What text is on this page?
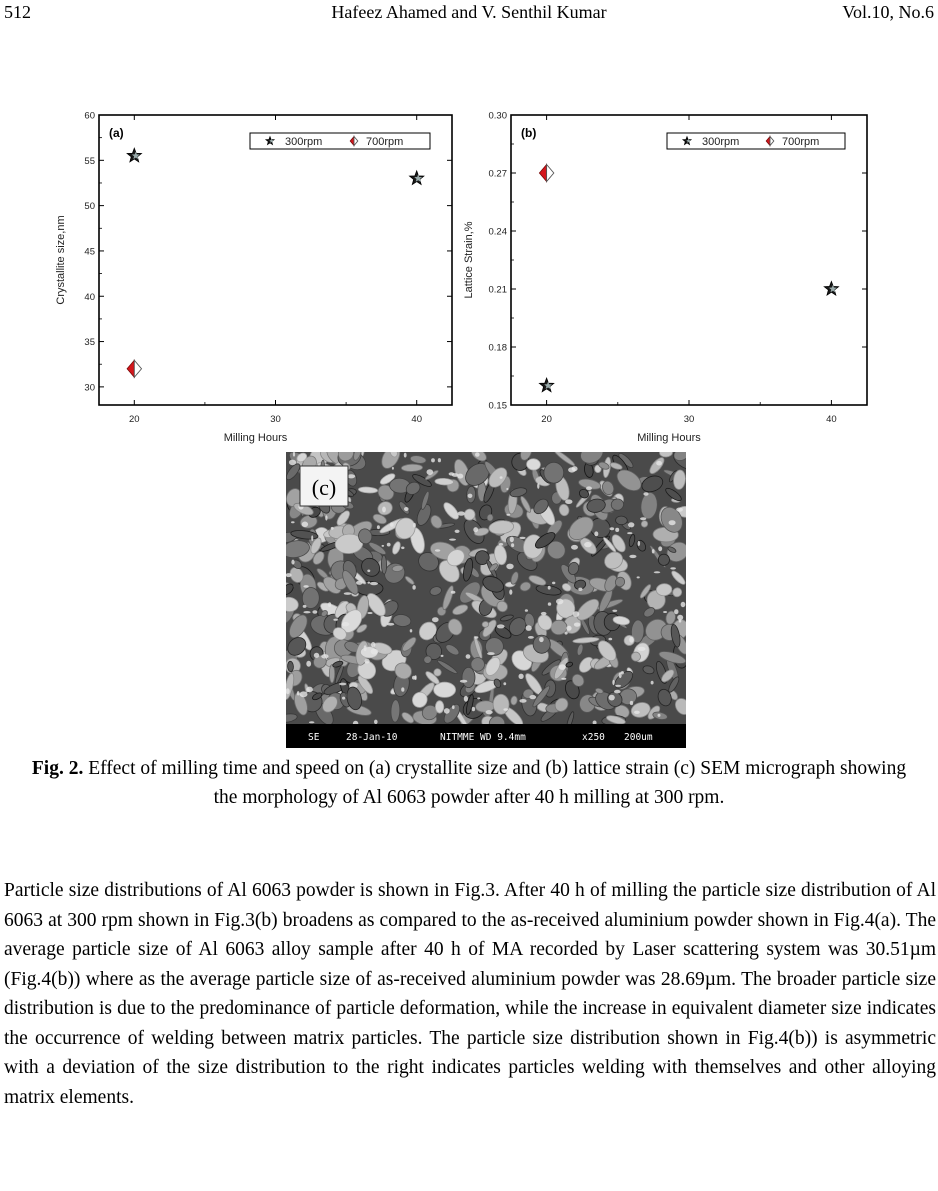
512	Hafeez Ahamed and V. Senthil Kumar	Vol.10, No.6
30
35
40
45
50
55
60
20	30	40
Milling Hours
Crystallite size,nm
(a)
300rpm	700rpm
0.15
0.18
0.21
0.24
0.27
0.30
20	30	40
Milling Hours
Lattice Strain,%
(b)
300rpm	700rpm
(c)
SE	28-Jan-10	NITMME WD 9.4mm	x250 200um
Fig. 2. Effect of milling time and speed on (a) crystallite size and (b) lattice strain (c) SEM micrograph showing the morphology of Al 6063 powder after 40 h milling at 300 rpm.
Particle size distributions of Al 6063 powder is shown in Fig.3. After 40 h of milling the particle size distribution of Al 6063 at 300 rpm shown in Fig.3(b) broadens as compared to the as-received aluminium powder shown in Fig.4(a). The average particle size of Al 6063 alloy sample after 40 h of MA recorded by Laser scattering system was 30.51µm (Fig.4(b)) where as the average particle size of as-received aluminium powder was 28.69µm. The broader particle size distribution is due to the predominance of particle deformation, while the increase in equivalent diameter size indicates the occurrence of welding between matrix particles. The particle size distribution shown in Fig.4(b)) is asymmetric with a deviation of the size distribution to the right indicates particles welding with themselves and other alloying matrix elements.
